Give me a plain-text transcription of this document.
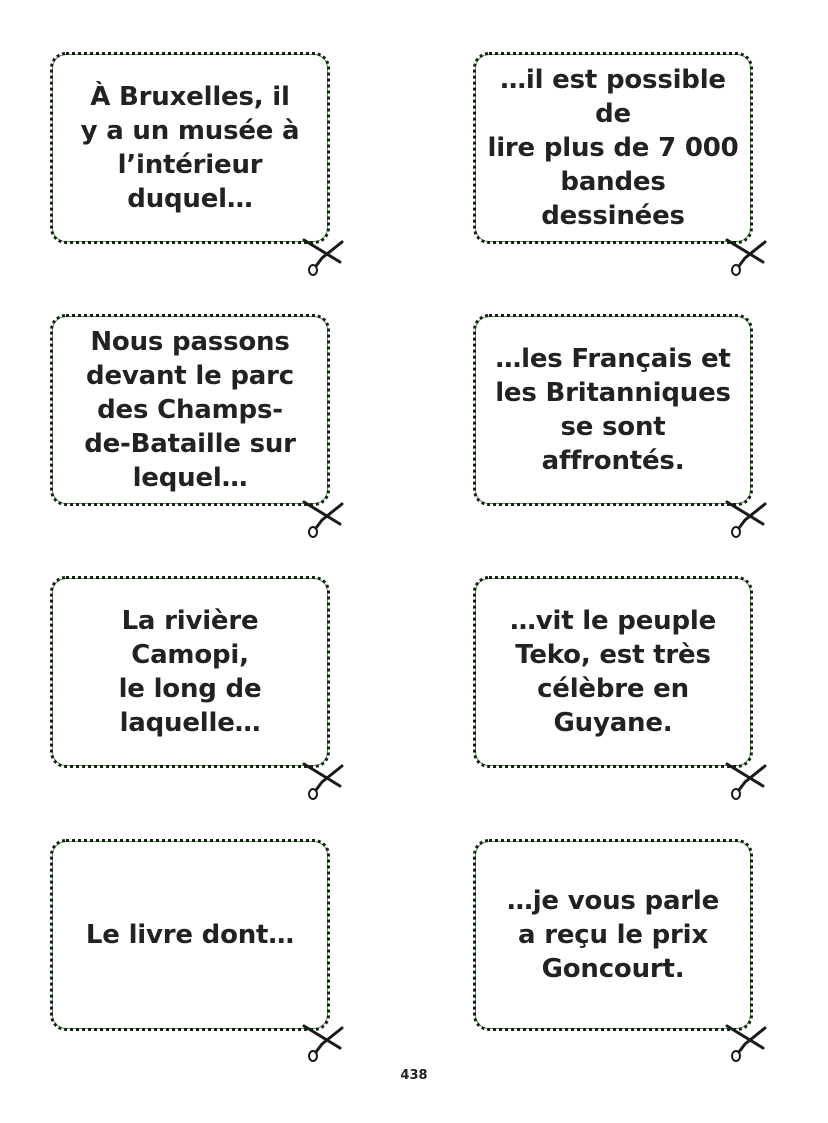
À Bruxelles, il
y a un musée à
l’intérieur duquel…
…il est possible de
lire plus de 7 000
bandes dessinées
Nous passons
devant le parc
des Champs-
de-Bataille sur
lequel…
…les Français et
les Britanniques
se sont affrontés.
La rivière Camopi,
le long de
laquelle…
…vit le peuple
Teko, est très
célèbre en
Guyane.
Le livre dont…
…je vous parle
a reçu le prix
Goncourt.
438
